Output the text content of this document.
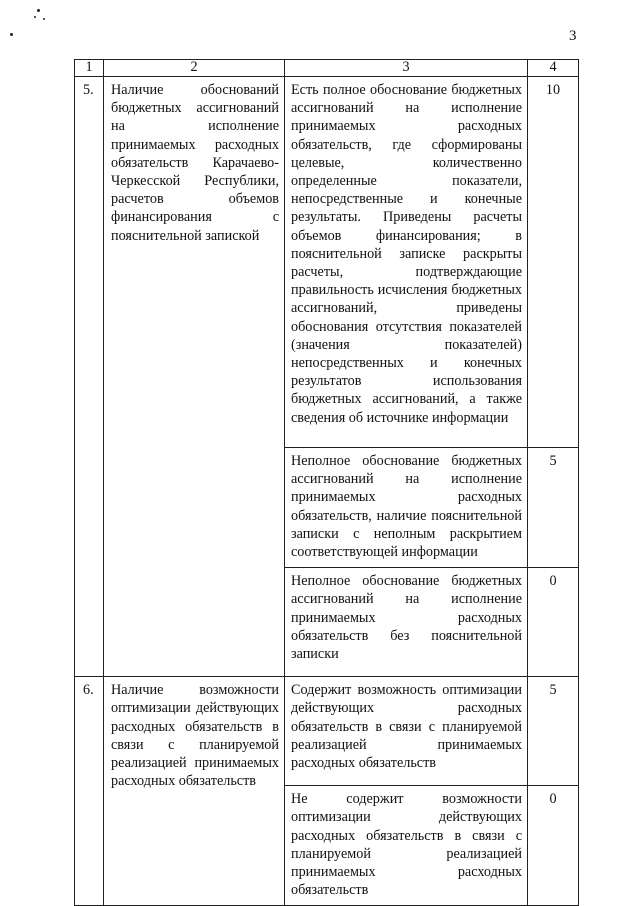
3
1	2	3	4
5.	Наличие обоснований бюджетных ассигнований на исполнение принимаемых расходных обязательств Карачаево-Черкесской Республики, расчетов объемов финансирования с пояснительной запиской	Есть полное обоснование бюджетных ассигнований на исполнение принимаемых расходных обязательств, где сформированы целевые, количественно определенные показатели, непосредственные и конечные результаты. Приведены расчеты объемов финансирования; в пояснительной записке раскрыты расчеты, подтверждающие правильность исчисления бюджетных ассигнований, приведены обоснования отсутствия показателей (значения показателей) непосредственных и конечных результатов использования бюджетных ассигнований, а также сведения об источнике информации	10
		Неполное обоснование бюджетных ассигнований на исполнение принимаемых расходных обязательств, наличие пояснительной записки с неполным раскрытием соответствующей информации	5
		Неполное обоснование бюджетных ассигнований на исполнение принимаемых расходных обязательств без пояснительной записки	0
6.	Наличие возможности оптимизации действующих расходных обязательств в связи с планируемой реализацией принимаемых расходных обязательств	Содержит возможность оптимизации действующих расходных обязательств в связи с планируемой реализацией принимаемых расходных обязательств	5
		Не содержит возможности оптимизации действующих расходных обязательств в связи с планируемой реализацией принимаемых расходных обязательств	0
